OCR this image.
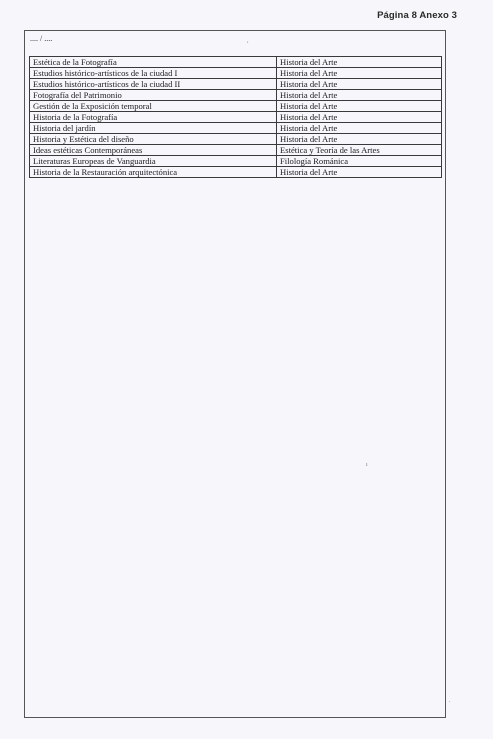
Página 8 Anexo 3
.... / ....	,
ı
.
Estética de la Fotografía	Historia del Arte
Estudios histórico-artísticos de la ciudad I	Historia del Arte
Estudios histórico-artísticos de la ciudad II	Historia del Arte
Fotografía del Patrimonio	Historia del Arte
Gestión de la Exposición temporal	Historia del Arte
Historia de la Fotografía	Historia del Arte
Historia del jardín	Historia del Arte
Historia y Estética del diseño	Historia del Arte
Ideas estéticas Contemporáneas	Estética y Teoría de las Artes
Literaturas Europeas de Vanguardia	Filología Románica
Historia de la Restauración arquitectónica	Historia del Arte
